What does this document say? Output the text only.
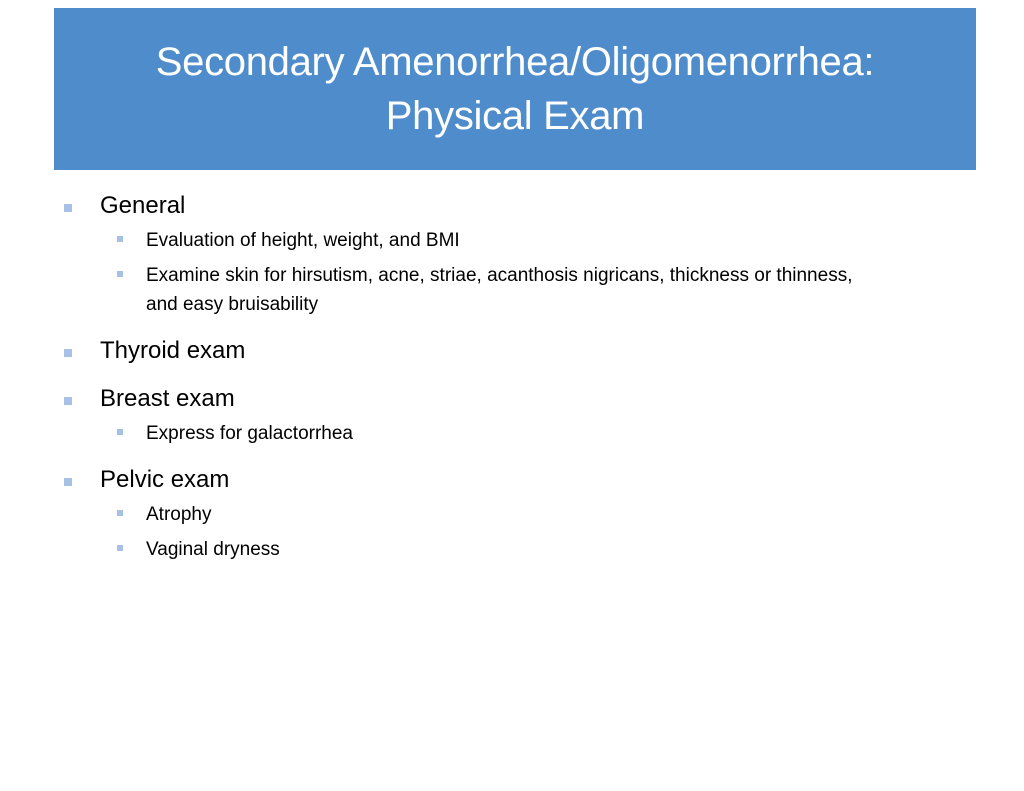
Secondary Amenorrhea/Oligomenorrhea:
Physical Exam
General
Evaluation of height, weight, and BMI
Examine skin for hirsutism, acne, striae, acanthosis nigricans, thickness or thinness, and easy bruisability
Thyroid exam
Breast exam
Express for galactorrhea
Pelvic exam
Atrophy
Vaginal dryness
